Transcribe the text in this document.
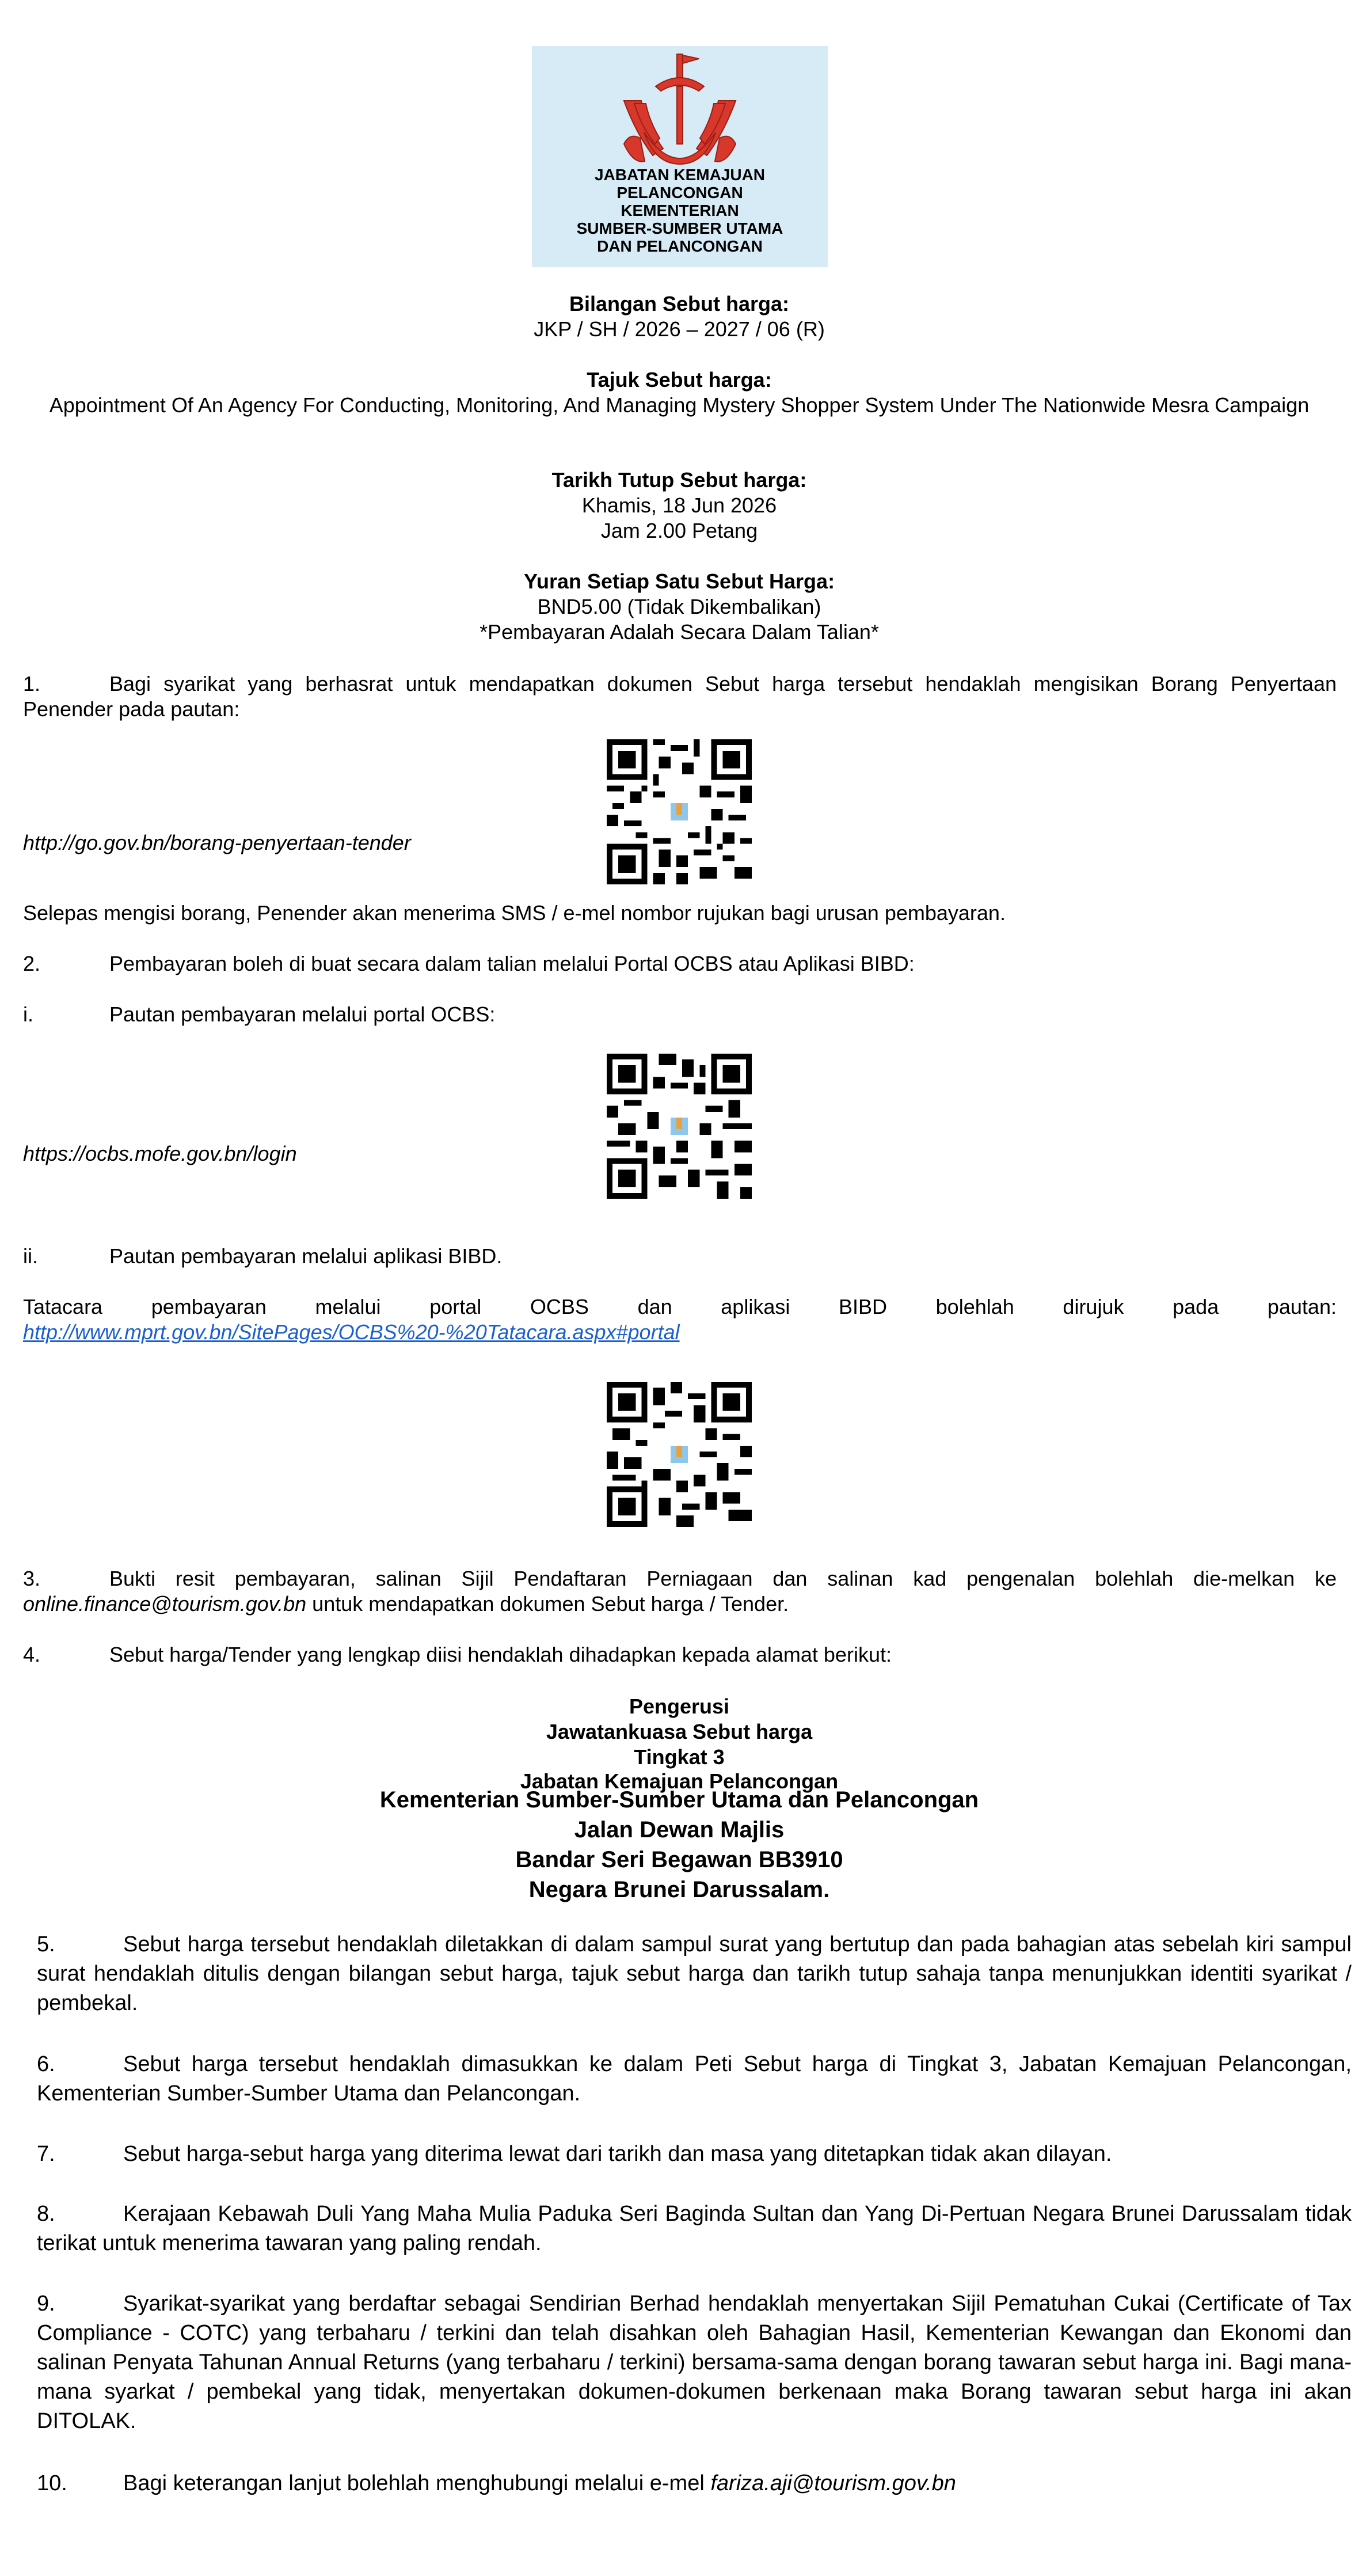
JABATAN KEMAJUAN
PELANCONGAN
KEMENTERIAN
SUMBER-SUMBER UTAMA
DAN PELANCONGAN
Bilangan Sebut harga:
JKP / SH / 2026 – 2027 / 06 (R)
Tajuk Sebut harga:
Appointment Of An Agency For Conducting, Monitoring, And Managing Mystery Shopper System Under The Nationwide Mesra Campaign
Tarikh Tutup Sebut harga:
Khamis, 18 Jun 2026
Jam 2.00 Petang
Yuran Setiap Satu Sebut Harga:
BND5.00 (Tidak Dikembalikan)
*Pembayaran Adalah Secara Dalam Talian*
1.	Bagi syarikat yang berhasrat untuk mendapatkan dokumen Sebut harga tersebut hendaklah mengisikan Borang Penyertaan Penender pada pautan:
http://go.gov.bn/borang-penyertaan-tender
Selepas mengisi borang, Penender akan menerima SMS / e-mel nombor rujukan bagi urusan pembayaran.
2.	Pembayaran boleh di buat secara dalam talian melalui Portal OCBS atau Aplikasi BIBD:
i.	Pautan pembayaran melalui portal OCBS:
https://ocbs.mofe.gov.bn/login
ii.	Pautan pembayaran melalui aplikasi BIBD.
Tatacara pembayaran melalui portal OCBS dan aplikasi BIBD bolehlah dirujuk pada pautan:
http://www.mprt.gov.bn/SitePages/OCBS%20-%20Tatacara.aspx#portal
3.	Bukti resit pembayaran, salinan Sijil Pendaftaran Perniagaan dan salinan kad pengenalan bolehlah die-melkan ke online.finance@tourism.gov.bn untuk mendapatkan dokumen Sebut harga / Tender.
4.	Sebut harga/Tender yang lengkap diisi hendaklah dihadapkan kepada alamat berikut:
Pengerusi
Jawatankuasa Sebut harga
Tingkat 3
Jabatan Kemajuan Pelancongan
Kementerian Sumber-Sumber Utama dan Pelancongan
Jalan Dewan Majlis
Bandar Seri Begawan BB3910
Negara Brunei Darussalam.
5.	Sebut harga tersebut hendaklah diletakkan di dalam sampul surat yang bertutup dan pada bahagian atas sebelah kiri sampul surat hendaklah ditulis dengan bilangan sebut harga, tajuk sebut harga dan tarikh tutup sahaja tanpa menunjukkan identiti syarikat / pembekal.
6.	Sebut harga tersebut hendaklah dimasukkan ke dalam Peti Sebut harga di Tingkat 3, Jabatan Kemajuan Pelancongan, Kementerian Sumber-Sumber Utama dan Pelancongan.
7.	Sebut harga-sebut harga yang diterima lewat dari tarikh dan masa yang ditetapkan tidak akan dilayan.
8.	Kerajaan Kebawah Duli Yang Maha Mulia Paduka Seri Baginda Sultan dan Yang Di-Pertuan Negara Brunei Darussalam tidak terikat untuk menerima tawaran yang paling rendah.
9.	Syarikat-syarikat yang berdaftar sebagai Sendirian Berhad hendaklah menyertakan Sijil Pematuhan Cukai (Certificate of Tax Compliance - COTC) yang terbaharu / terkini dan telah disahkan oleh Bahagian Hasil, Kementerian Kewangan dan Ekonomi dan salinan Penyata Tahunan Annual Returns (yang terbaharu / terkini) bersama-sama dengan borang tawaran sebut harga ini. Bagi mana-mana syarkat / pembekal yang tidak, menyertakan dokumen-dokumen berkenaan maka Borang tawaran sebut harga ini akan DITOLAK.
10.	Bagi keterangan lanjut bolehlah menghubungi melalui e-mel fariza.aji@tourism.gov.bn
